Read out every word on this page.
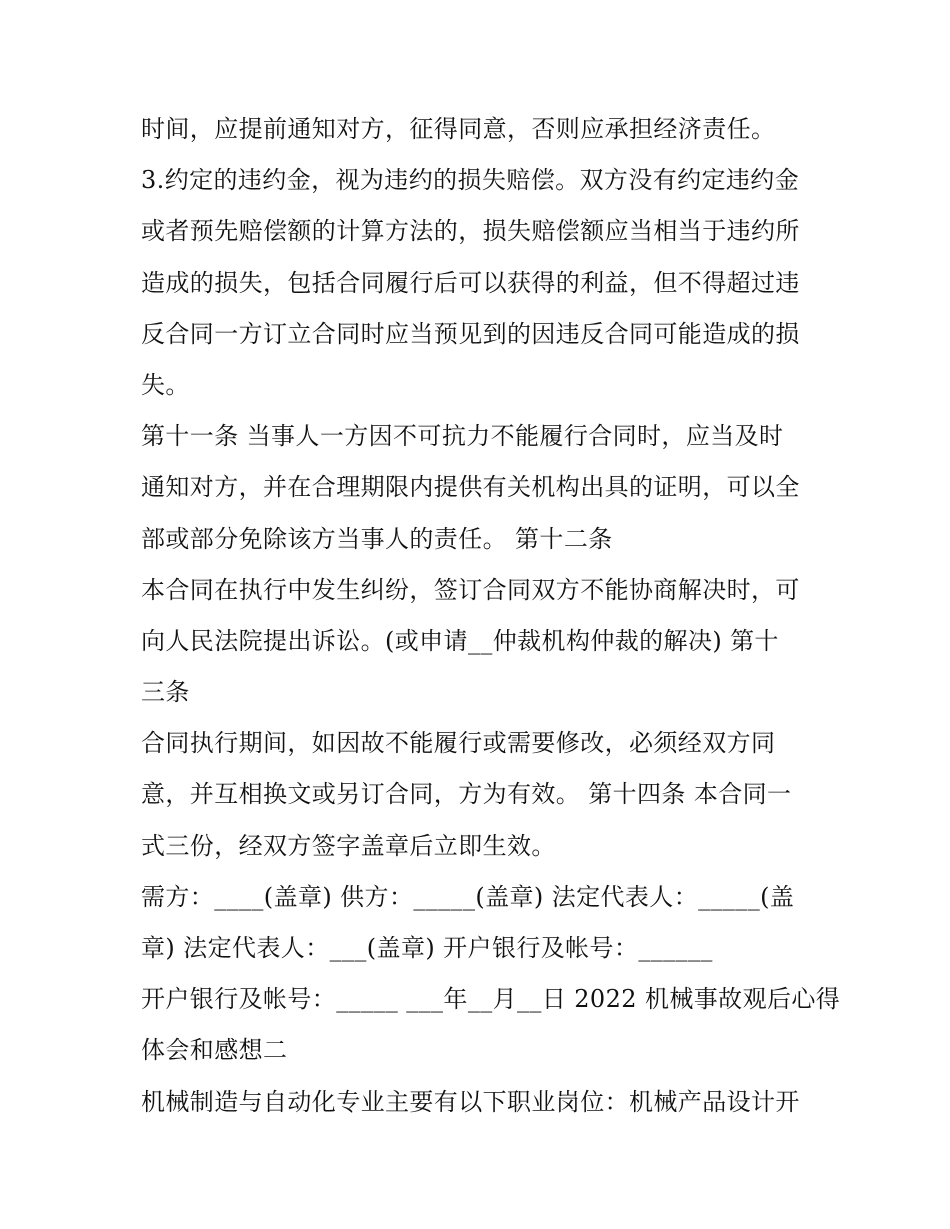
时间，应提前通知对方，征得同意，否则应承担经济责任。
3.约定的违约金，视为违约的损失赔偿。双方没有约定违约金
或者预先赔偿额的计算方法的，损失赔偿额应当相当于违约所
造成的损失，包括合同履行后可以获得的利益，但不得超过违
反合同一方订立合同时应当预见到的因违反合同可能造成的损
失。
第十一条 当事人一方因不可抗力不能履行合同时，应当及时
通知对方，并在合理期限内提供有关机构出具的证明，可以全
部或部分免除该方当事人的责任。 第十二条
本合同在执行中发生纠纷，签订合同双方不能协商解决时，可
向人民法院提出诉讼。(或申请__仲裁机构仲裁的解决) 第十
三条
合同执行期间，如因故不能履行或需要修改，必须经双方同
意，并互相换文或另订合同，方为有效。 第十四条 本合同一
式三份，经双方签字盖章后立即生效。
需方：____(盖章) 供方：_____(盖章) 法定代表人：_____(盖
章) 法定代表人：___(盖章) 开户银行及帐号：______
开户银行及帐号：_____ ___年__月__日 2022 机械事故观后心得
体会和感想二
机械制造与自动化专业主要有以下职业岗位：机械产品设计开
